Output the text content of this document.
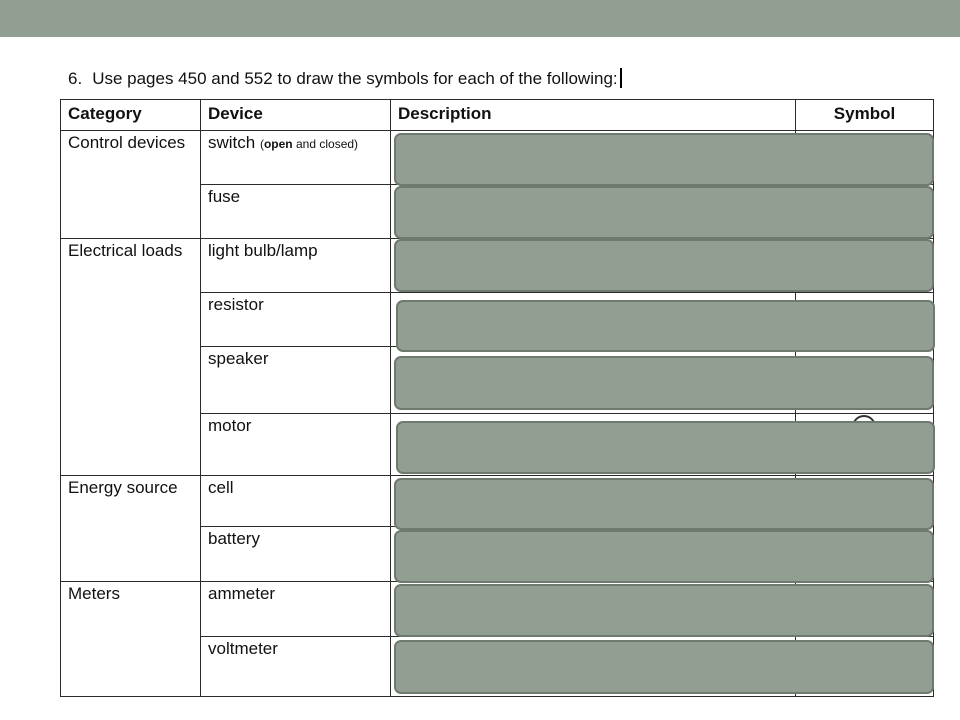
6. Use pages 450 and 552 to draw the symbols for each of the following:
Category	Device	Description	Symbol
Control devices	switch (open and closed)		
	fuse		
Electrical loads	light bulb/lamp		
	resistor		
	speaker		
	motor		
Energy source	cell		
	battery		
Meters	ammeter		
	voltmeter		
